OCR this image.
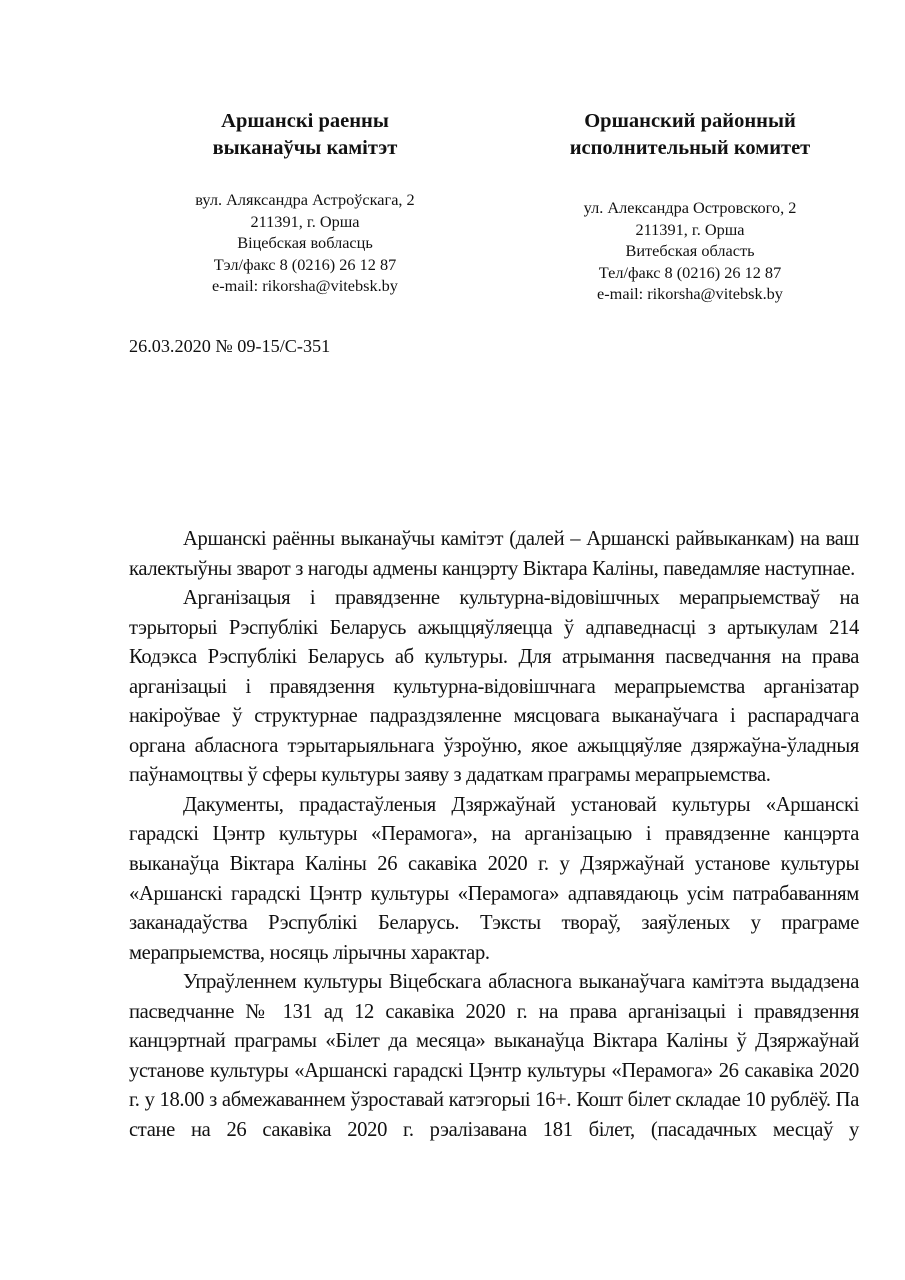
Аршанскі раенны
выканаўчы камітэт
вул. Аляксандра Астроўскага, 2
211391, г. Орша
Віцебская вобласць
Тэл/факс 8 (0216) 26 12 87
e-mail: rikorsha@vitebsk.by
Оршанский районный
исполнительный комитет
ул. Александра Островского, 2
211391, г. Орша
Витебская область
Тел/факс 8 (0216) 26 12 87
e-mail: rikorsha@vitebsk.by
26.03.2020 № 09-15/С-351

Аршанскі раённы выканаўчы камітэт (далей – Аршанскі райвыканкам) на ваш калектыўны зварот з нагоды адмены канцэрту Віктара Каліны, паведамляе наступнае.

Арганізацыя і правядзенне культурна-відовішчных мерапрыемстваў на тэрыторыі Рэспублікі Беларусь ажыццяўляецца ў адпаведнасці з артыкулам 214 Кодэкса Рэспублікі Беларусь аб культуры. Для атрымання пасведчання на права арганізацыі і правядзення культурна-відовішчнага мерапрыемства арганізатар накіроўвае ў структурнае падраздзяленне мясцовага выканаўчага і распарадчага органа абласнога тэрытарыяльнага ўзроўню, якое ажыццяўляе дзяржаўна-ўладныя паўнамоцтвы ў сферы культуры заяву з дадаткам праграмы мерапрыемства.

Дакументы, прадастаўленыя Дзяржаўнай установай культуры «Аршанскі гарадскі Цэнтр культуры «Перамога», на арганізацыю і правядзенне канцэрта выканаўца Віктара Каліны 26 сакавіка 2020 г. у Дзяржаўнай установе культуры «Аршанскі гарадскі Цэнтр культуры «Перамога» адпавядаюць усім патрабаванням заканадаўства Рэспублікі Беларусь. Тэксты твораў, заяўленых у праграме мерапрыемства, носяць лірычны характар.

Упраўленнем культуры Віцебскага абласнога выканаўчага камітэта выдадзена пасведчанне № 131 ад 12 сакавіка 2020 г. на права арганізацыі і правядзення канцэртнай праграмы «Білет да месяца» выканаўца Віктара Каліны ў Дзяржаўнай установе культуры «Аршанскі гарадскі Цэнтр культуры «Перамога» 26 сакавіка 2020 г. у 18.00 з абмежаваннем ўзроставай катэгорыі 16+. Кошт білет складае 10 рублёў. Па стане на 26 сакавіка 2020 г. рэалізавана 181 білет, (пасадачных месцаў у
